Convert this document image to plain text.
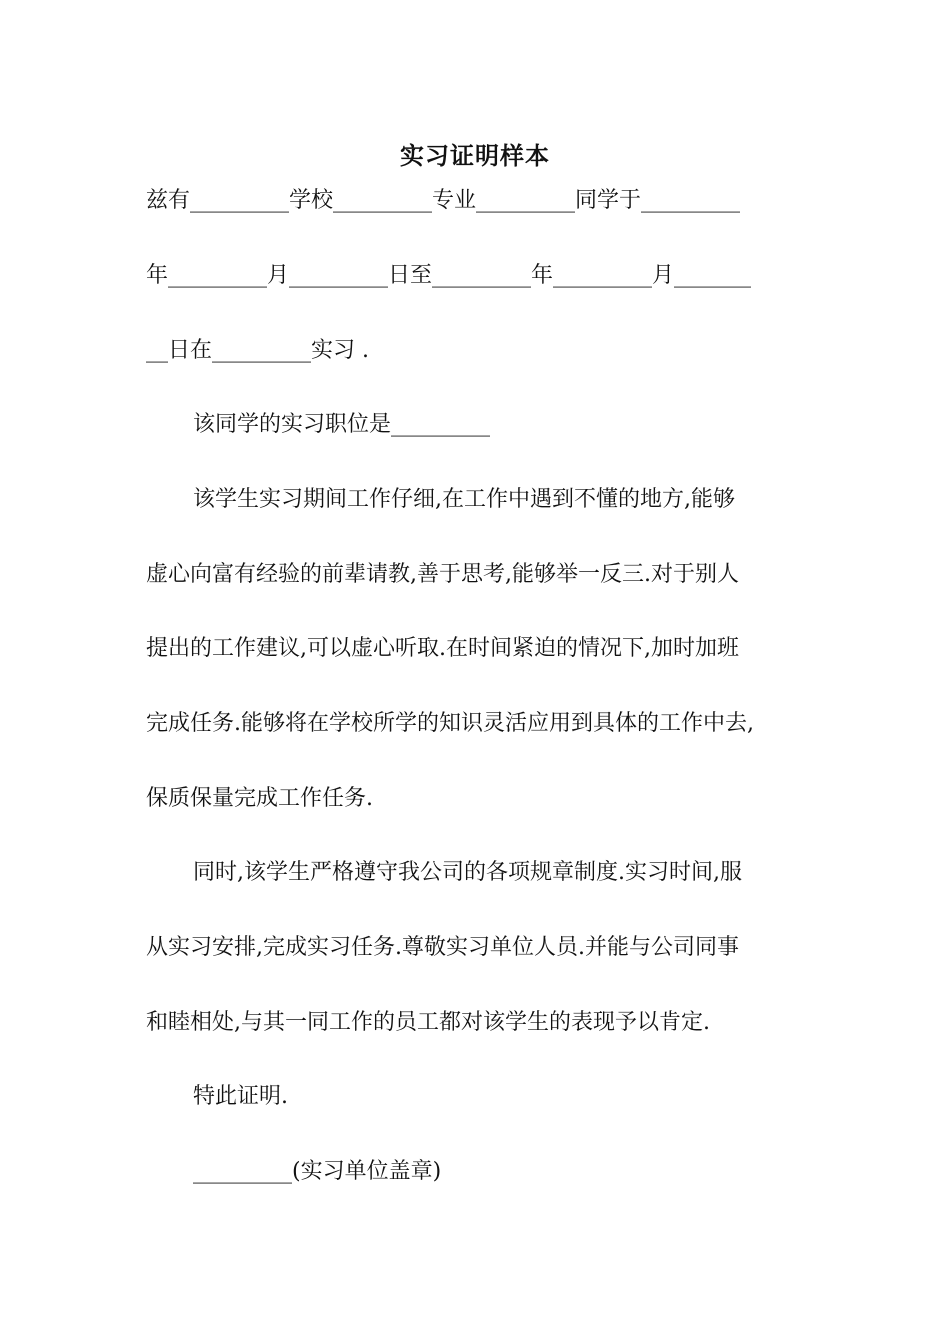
实习证明样本
兹有_________学校_________专业_________同学于_________
年_________月_________日至_________年_________月_______
__日在_________实习 .
该同学的实习职位是_________
该学生实习期间工作仔细,在工作中遇到不懂的地方,能够
虚心向富有经验的前辈请教,善于思考,能够举一反三.对于别人
提出的工作建议,可以虚心听取.在时间紧迫的情况下,加时加班
完成任务.能够将在学校所学的知识灵活应用到具体的工作中去,
保质保量完成工作任务.
同时,该学生严格遵守我公司的各项规章制度.实习时间,服
从实习安排,完成实习任务.尊敬实习单位人员.并能与公司同事
和睦相处,与其一同工作的员工都对该学生的表现予以肯定.
特此证明.
_________(实习单位盖章)
